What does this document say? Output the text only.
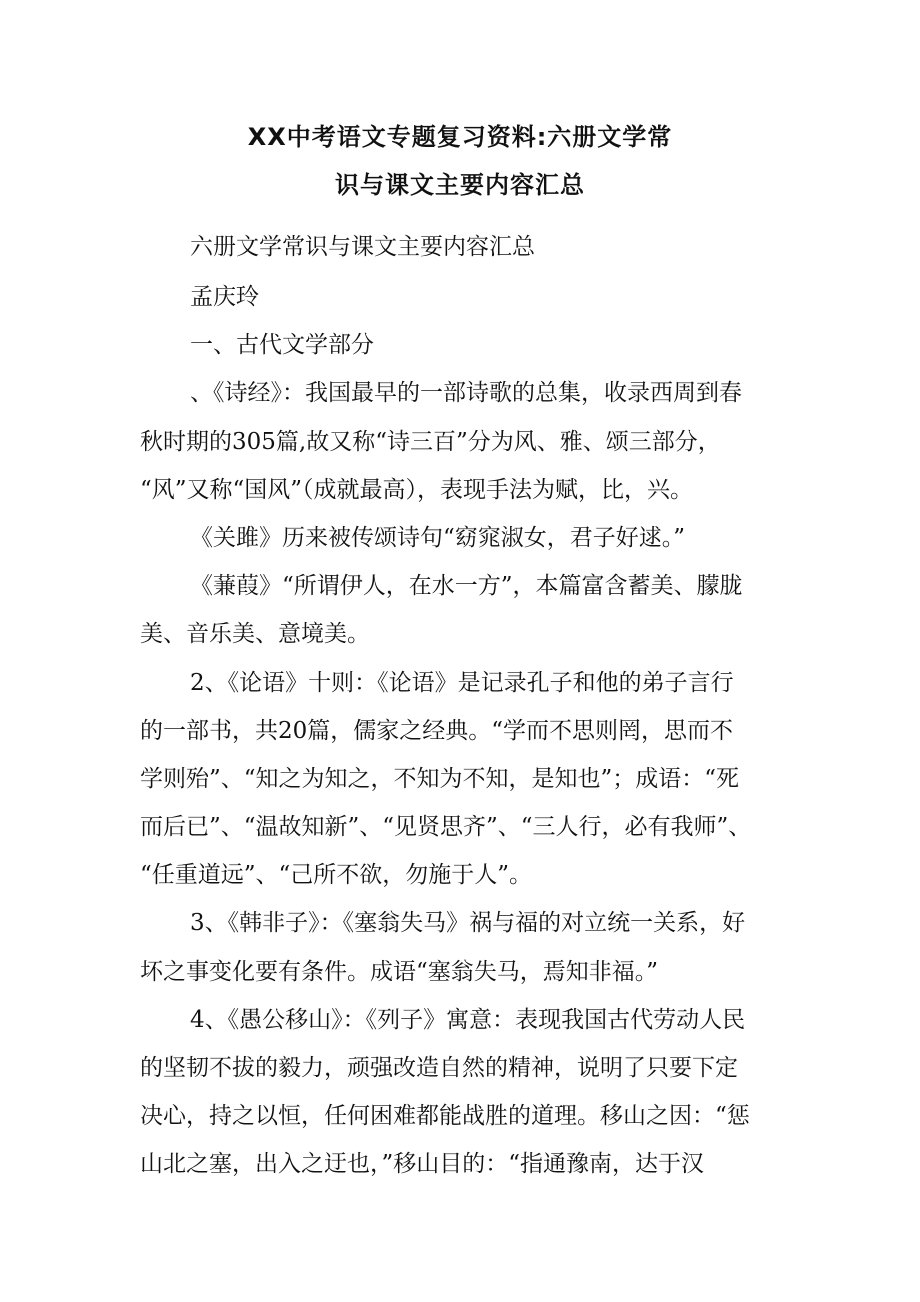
XX中考语文专题复习资料:六册文学常
识与课文主要内容汇总
六册文学常识与课文主要内容汇总
孟庆玲
一、古代文学部分
、《诗经》：我国最早的一部诗歌的总集，收录西周到春
秋时期的305篇,故又称“诗三百”分为风、雅、颂三部分，
“风”又称“国风”（成就最高），表现手法为赋，比，兴。
《关雎》历来被传颂诗句“窈窕淑女，君子好逑。”
《蒹葭》“所谓伊人，在水一方”，本篇富含蓄美、朦胧
美、音乐美、意境美。
2、《论语》十则：《论语》是记录孔子和他的弟子言行
的一部书，共20篇，儒家之经典。“学而不思则罔，思而不
学则殆”、“知之为知之，不知为不知，是知也”；成语：“死
而后已”、“温故知新”、“见贤思齐”、“三人行，必有我师”、
“任重道远”、“己所不欲，勿施于人”。
3、《韩非子》：《塞翁失马》祸与福的对立统一关系，好
坏之事变化要有条件。成语“塞翁失马，焉知非福。”
4、《愚公移山》：《列子》寓意：表现我国古代劳动人民
的坚韧不拔的毅力，顽强改造自然的精神，说明了只要下定
决心，持之以恒，任何困难都能战胜的道理。移山之因：“惩
山北之塞，出入之迂也，”移山目的：“指通豫南，达于汉
